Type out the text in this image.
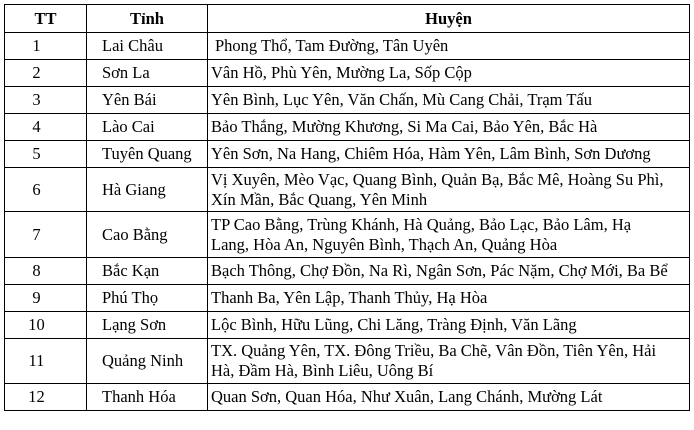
TT	Tỉnh	Huyện
1	Lai Châu	Phong Thổ, Tam Đường, Tân Uyên
2	Sơn La	Vân Hồ, Phù Yên, Mường La, Sốp Cộp
3	Yên Bái	Yên Bình, Lục Yên, Văn Chấn, Mù Cang Chải, Trạm Tấu
4	Lào Cai	Bảo Thắng, Mường Khương, Si Ma Cai, Bảo Yên, Bắc Hà
5	Tuyên Quang	Yên Sơn, Na Hang, Chiêm Hóa, Hàm Yên, Lâm Bình, Sơn Dương
6	Hà Giang	Vị Xuyên, Mèo Vạc, Quang Bình, Quản Bạ, Bắc Mê, Hoàng Su Phì,
Xín Mần, Bắc Quang, Yên Minh

7	Cao Bằng	TP Cao Bằng, Trùng Khánh, Hà Quảng, Bảo Lạc, Bảo Lâm, Hạ
Lang, Hòa An, Nguyên Bình, Thạch An, Quảng Hòa

8	Bắc Kạn	Bạch Thông, Chợ Đồn, Na Rì, Ngân Sơn, Pác Nặm, Chợ Mới, Ba Bể
9	Phú Thọ	Thanh Ba, Yên Lập, Thanh Thủy, Hạ Hòa
10	Lạng Sơn	Lộc Bình, Hữu Lũng, Chi Lăng, Tràng Định, Văn Lãng
11	Quảng Ninh	TX. Quảng Yên, TX. Đông Triều, Ba Chẽ, Vân Đồn, Tiên Yên, Hải
Hà, Đầm Hà, Bình Liêu, Uông Bí

12	Thanh Hóa	Quan Sơn, Quan Hóa, Như Xuân, Lang Chánh, Mường Lát
